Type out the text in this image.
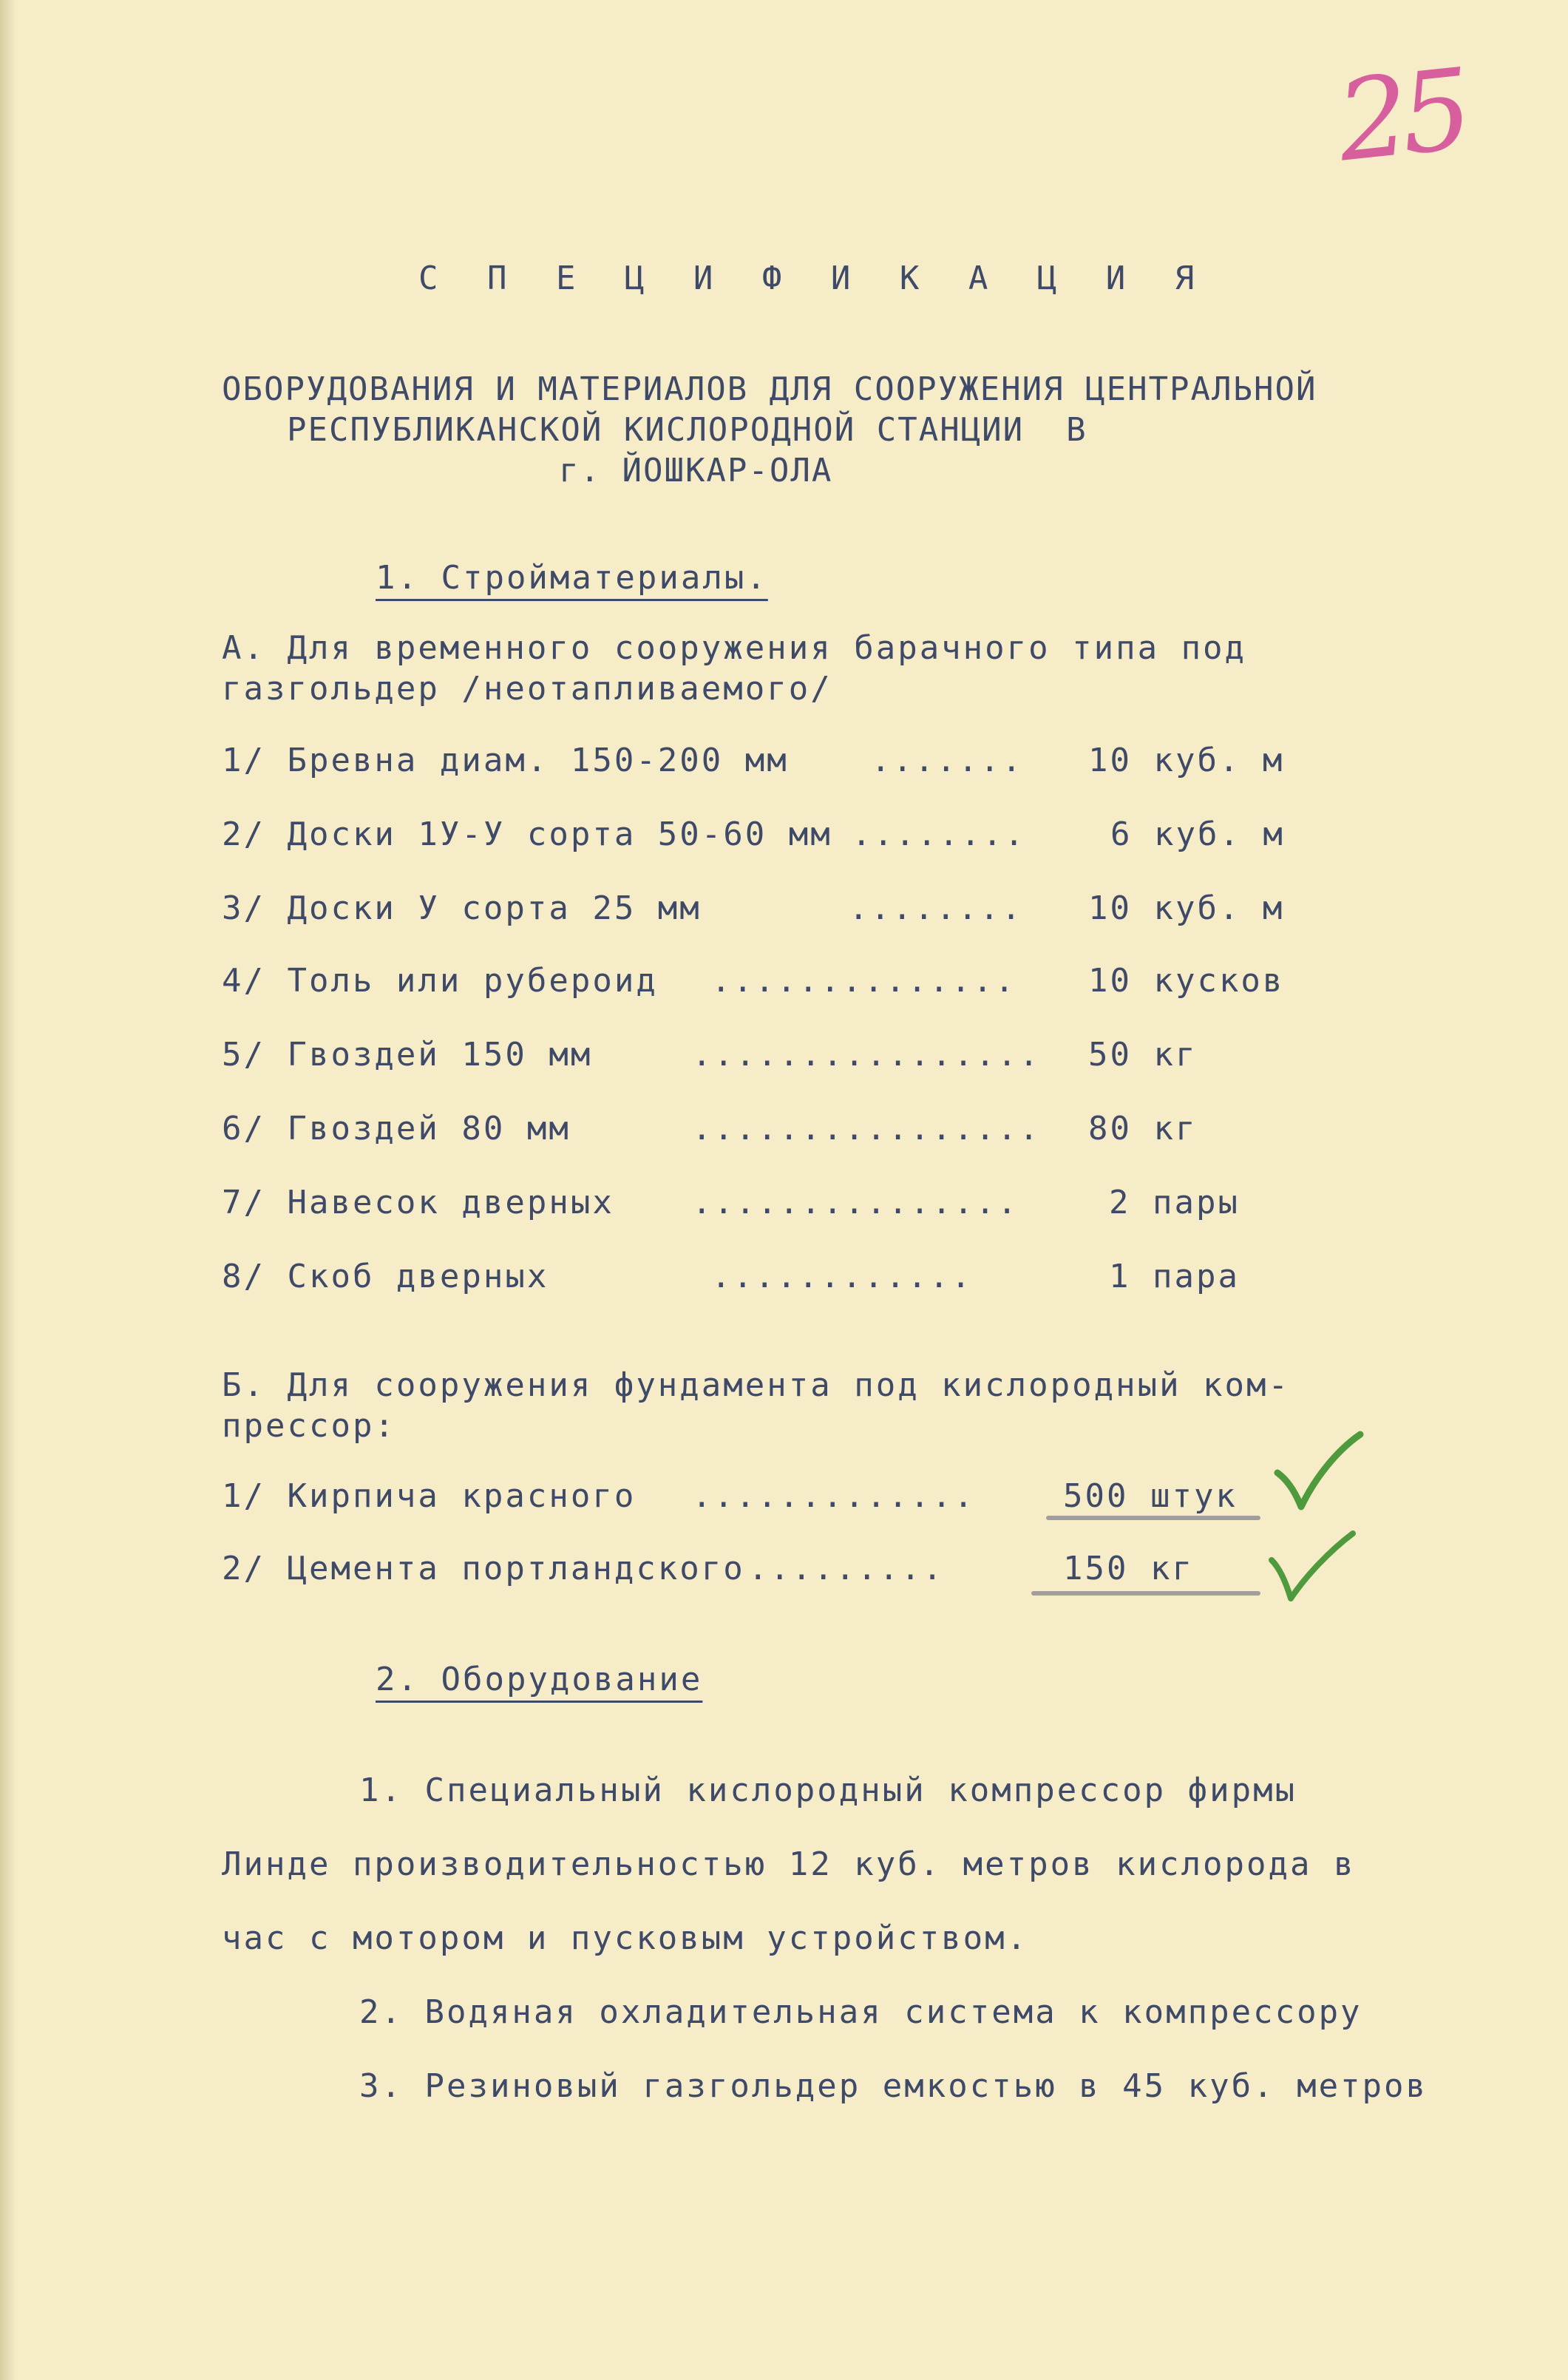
25
С П Е Ц И Ф И К А Ц И Я
ОБОРУДОВАНИЯ И МАТЕРИАЛОВ ДЛЯ СООРУЖЕНИЯ ЦЕНТРАЛЬНОЙ
РЕСПУБЛИКАНСКОЙ КИСЛОРОДНОЙ СТАНЦИИ  В
г. ЙОШКАР-ОЛА
1. Стройматериалы.
А. Для временного сооружения барачного типа под
газгольдер /неотапливаемого/
1/ Бревна диам. 150-200 мм	....... 10 куб. м
2/ Доски 1У-У сорта 50-60 мм ........	6 куб. м
3/ Доски У сорта 25 мм	........ 10 куб. м
4/ Толь или рубероид .............. 10 кусков
5/ Гвоздей 150 мм	................ 50 кг
6/ Гвоздей 80 мм	................ 80 кг
7/ Навесок дверных ...............	2 пары
8/ Скоб дверных	............	1 пара
Б. Для сооружения фундамента под кислородный ком-
прессор:
1/ Кирпича красного .............	500 штук
2/ Цемента портландского .........	150 кг
2. Оборудование
1. Специальный кислородный компрессор фирмы
Линде производительностью 12 куб. метров кислорода в
час с мотором и пусковым устройством.
2. Водяная охладительная система к компрессору
3. Резиновый газгольдер емкостью в 45 куб. метров
